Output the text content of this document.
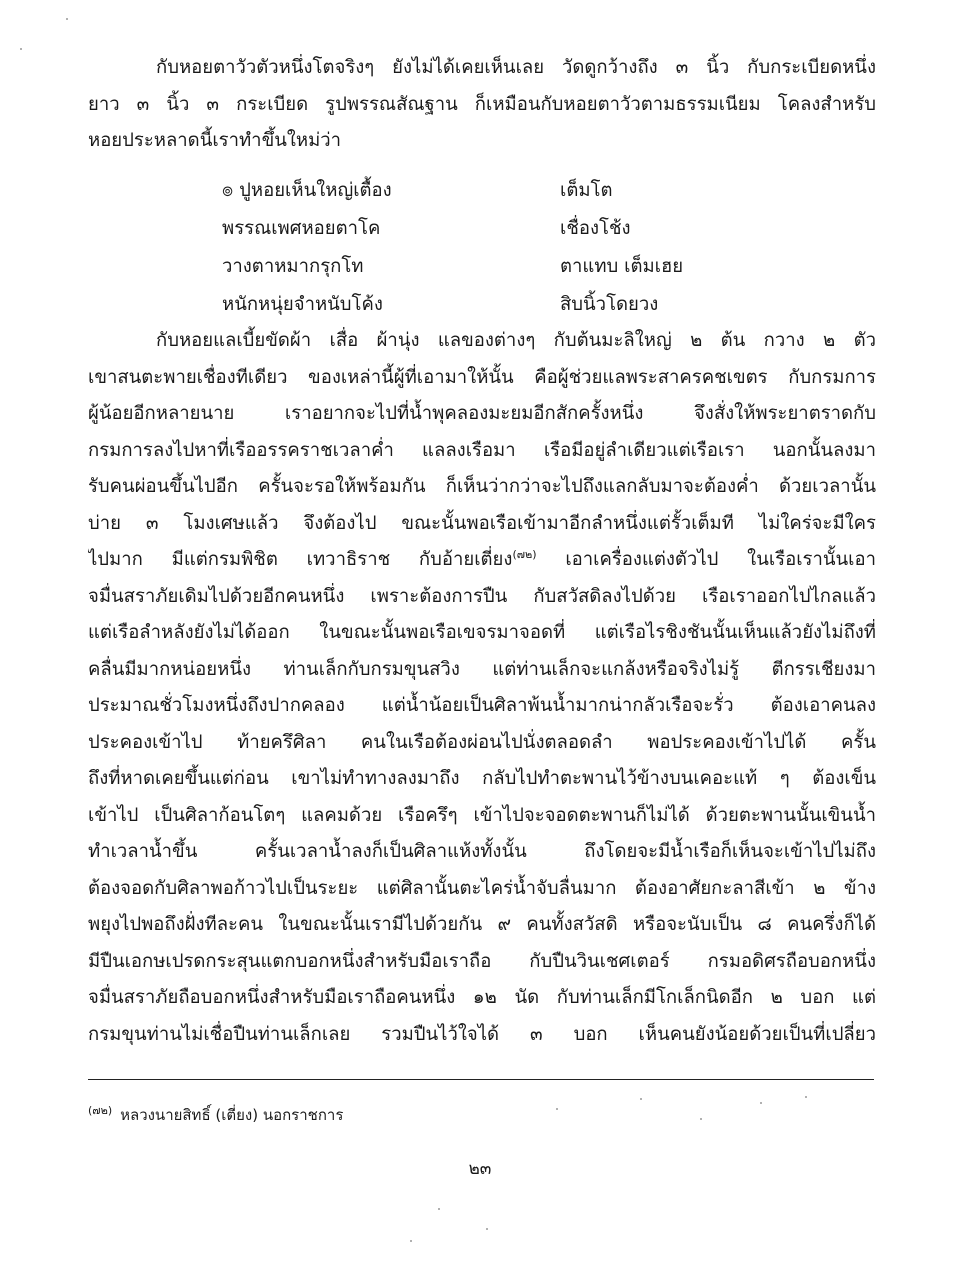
กับหอยตาวัวตัวหนึ่งโตจริงๆ ยังไม่ได้เคยเห็นเลย วัดดูกว้างถึง ๓ นิ้ว กับกระเบียดหนึ่ง
ยาว ๓ นิ้ว ๓ กระเบียด รูปพรรณสัณฐาน ก็เหมือนกับหอยตาวัวตามธรรมเนียม โคลงสำหรับ
หอยประหลาดนี้เราทำขึ้นใหม่ว่า
๏ ปูหอยเห็นใหญ่เตื้อง	เต็มโต
พรรณเพศหอยตาโค	เชื่องโช้ง
วางตาหมากรุกโท	ตาแทบ เต็มเฮย
หนักหนุ่ยจำหนับโค้ง	สิบนิ้วโดยวง
กับหอยแลเบี้ยขัดผ้า เสื่อ ผ้านุ่ง แลของต่างๆ กับต้นมะลิใหญ่ ๒ ต้น กวาง ๒ ตัว
เขาสนตะพายเชื่องทีเดียว ของเหล่านี้ผู้ที่เอามาให้นั้น คือผู้ช่วยแลพระสาครคชเขตร กับกรมการ
ผู้น้อยอีกหลายนาย เราอยากจะไปที่น้ำพุคลองมะยมอีกสักครั้งหนึ่ง จึงสั่งให้พระยาตราดกับ
กรมการลงไปหาที่เรืออรรคราชเวลาค่ำ แลลงเรือมา เรือมีอยู่ลำเดียวแต่เรือเรา นอกนั้นลงมา
รับคนผ่อนขึ้นไปอีก ครั้นจะรอให้พร้อมกัน ก็เห็นว่ากว่าจะไปถึงแลกลับมาจะต้องค่ำ ด้วยเวลานั้น
บ่าย ๓ โมงเศษแล้ว จึงต้องไป ขณะนั้นพอเรือเข้ามาอีกลำหนึ่งแต่รั้วเต็มที ไม่ใคร่จะมีใคร
ไปมาก มีแต่กรมพิชิต เทวาธิราช กับอ้ายเตี่ยง$^{(๗๒)}$ เอาเครื่องแต่งตัวไป ในเรือเรานั้นเอา
จมื่นสราภัยเดิมไปด้วยอีกคนหนึ่ง เพราะต้องการปืน กับสวัสดิลงไปด้วย เรือเราออกไปไกลแล้ว
แต่เรือลำหลังยังไม่ได้ออก ในขณะนั้นพอเรือเขจรมาจอดที่ แต่เรือไรชิงชันนั้นเห็นแล้วยังไม่ถึงที่
คลื่นมีมากหน่อยหนึ่ง ท่านเล็กกับกรมขุนสวิง แต่ท่านเล็กจะแกล้งหรือจริงไม่รู้ ตีกรรเชียงมา
ประมาณชั่วโมงหนึ่งถึงปากคลอง แต่น้ำน้อยเป็นศิลาพ้นน้ำมากน่ากลัวเรือจะรั่ว ต้องเอาคนลง
ประคองเข้าไป ท้ายครึศิลา คนในเรือต้องผ่อนไปนั่งตลอดลำ พอประคองเข้าไปได้ ครั้น
ถึงที่หาดเคยขึ้นแต่ก่อน เขาไม่ทำทางลงมาถึง กลับไปทำตะพานไว้ข้างบนเคอะแท้ ๆ ต้องเข็น
เข้าไป เป็นศิลาก้อนโตๆ แลคมด้วย เรือครึๆ เข้าไปจะจอดตะพานก็ไม่ได้ ด้วยตะพานนั้นเขินน้ำ
ทำเวลาน้ำขึ้น ครั้นเวลาน้ำลงก็เป็นศิลาแห้งทั้งนั้น ถึงโดยจะมีน้ำเรือก็เห็นจะเข้าไปไม่ถึง
ต้องจอดกับศิลาพอก้าวไปเป็นระยะ แต่ศิลานั้นตะไคร่น้ำจับลื่นมาก ต้องอาศัยกะลาสีเข้า ๒ ข้าง
พยุงไปพอถึงฝั่งทีละคน ในขณะนั้นเรามีไปด้วยกัน ๙ คนทั้งสวัสดิ หรือจะนับเป็น ๘ คนครึ่งก็ได้
มีปืนเอกษเปรดกระสุนแตกบอกหนึ่งสำหรับมือเราถือ กับปืนวินเชศเตอร์ กรมอดิศรถือบอกหนึ่ง
จมื่นสราภัยถือบอกหนึ่งสำหรับมือเราถือคนหนึ่ง ๑๒ นัด กับท่านเล็กมีโกเล็กนิดอีก ๒ บอก แต่
กรมขุนท่านไม่เชื่อปืนท่านเล็กเลย รวมปืนไว้ใจได้ ๓ บอก เห็นคนยังน้อยด้วยเป็นที่เปลี่ยว
$^{(๗๒)}$ หลวงนายสิทธิ์ (เตี่ยง) นอกราชการ
๒๓
